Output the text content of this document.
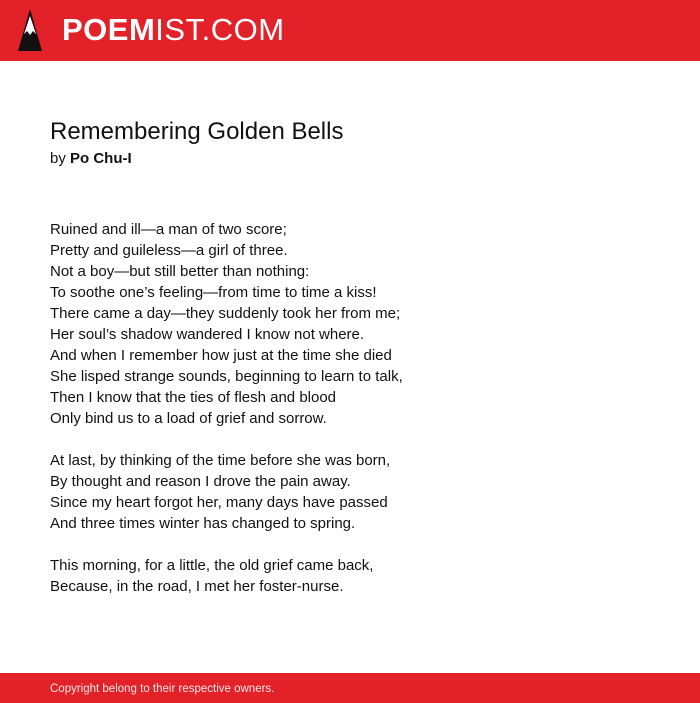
POEMIST.COM
Remembering Golden Bells
by Po Chu-I
Ruined and ill—a man of two score;
Pretty and guileless—a girl of three.
Not a boy—but still better than nothing:
To soothe one’s feeling—from time to time a kiss!
There came a day—they suddenly took her from me;
Her soul’s shadow wandered I know not where.
And when I remember how just at the time she died
She lisped strange sounds, beginning to learn to talk,
Then I know that the ties of flesh and blood
Only bind us to a load of grief and sorrow.
At last, by thinking of the time before she was born,
By thought and reason I drove the pain away.
Since my heart forgot her, many days have passed
And three times winter has changed to spring.
This morning, for a little, the old grief came back,
Because, in the road, I met her foster-nurse.
Copyright belong to their respective owners.
